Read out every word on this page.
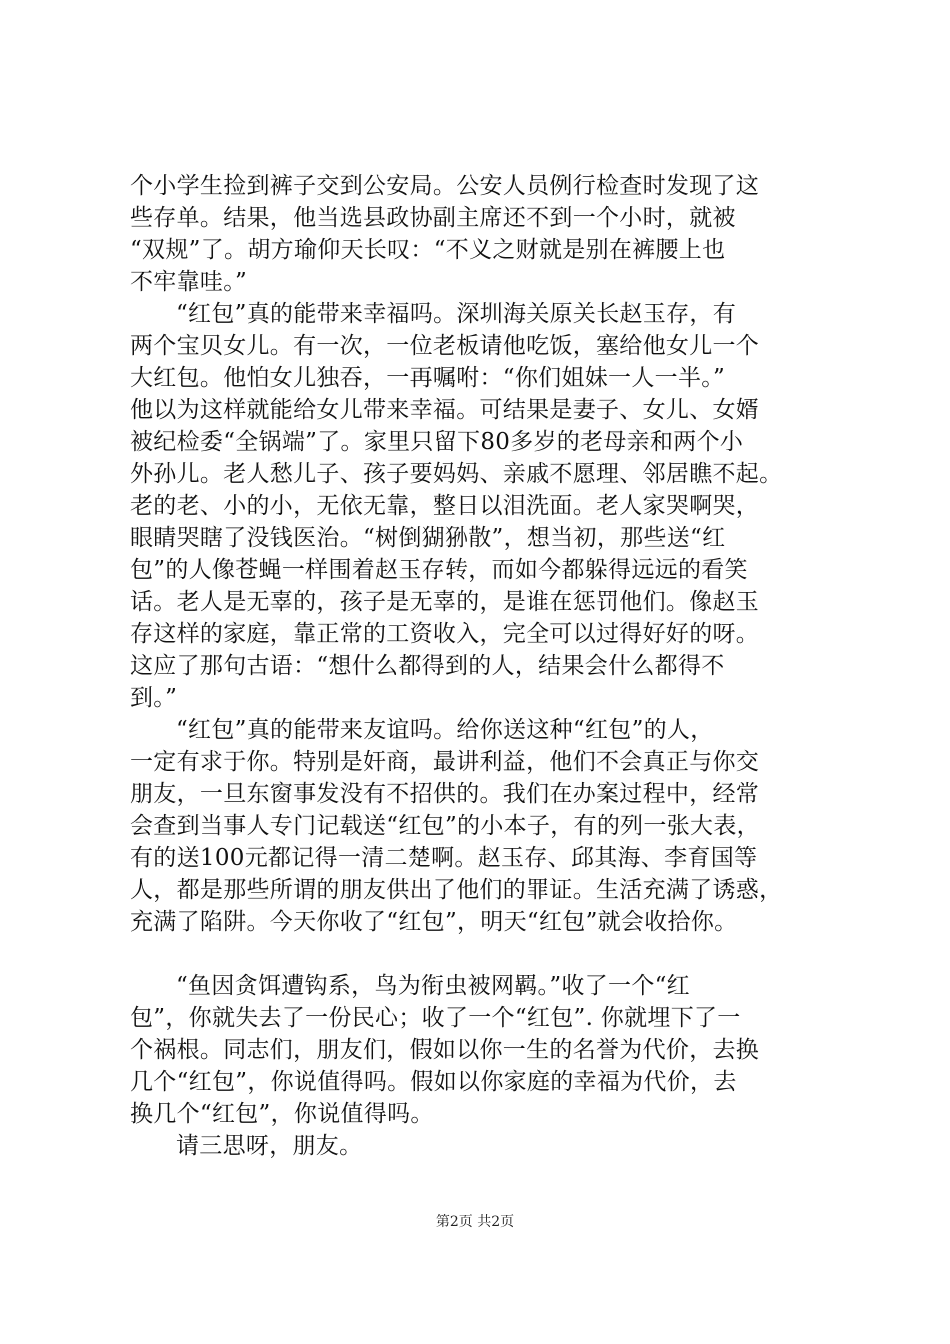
个小学生捡到裤子交到公安局。公安人员例行检查时发现了这
些存单。结果，他当选县政协副主席还不到一个小时，就被
“双规”了。胡方瑜仰天长叹：“不义之财就是别在裤腰上也
不牢靠哇。”
“红包”真的能带来幸福吗。深圳海关原关长赵玉存，有
两个宝贝女儿。有一次，一位老板请他吃饭，塞给他女儿一个
大红包。他怕女儿独吞，一再嘱咐：“你们姐妹一人一半。”
他以为这样就能给女儿带来幸福。可结果是妻子、女儿、女婿
被纪检委“全锅端”了。家里只留下80多岁的老母亲和两个小
外孙儿。老人愁儿子、孩子要妈妈、亲戚不愿理、邻居瞧不起。
老的老、小的小，无依无靠，整日以泪洗面。老人家哭啊哭，
眼睛哭瞎了没钱医治。“树倒猢狲散”，想当初，那些送“红
包”的人像苍蝇一样围着赵玉存转，而如今都躲得远远的看笑
话。老人是无辜的，孩子是无辜的，是谁在惩罚他们。像赵玉
存这样的家庭，靠正常的工资收入，完全可以过得好好的呀。
这应了那句古语：“想什么都得到的人，结果会什么都得不
到。”
“红包”真的能带来友谊吗。给你送这种“红包”的人，
一定有求于你。特别是奸商，最讲利益，他们不会真正与你交
朋友，一旦东窗事发没有不招供的。我们在办案过程中，经常
会查到当事人专门记载送“红包”的小本子，有的列一张大表，
有的送100元都记得一清二楚啊。赵玉存、邱其海、李育国等
人，都是那些所谓的朋友供出了他们的罪证。生活充满了诱惑，
充满了陷阱。今天你收了“红包”，明天“红包”就会收拾你。
“鱼因贪饵遭钩系，鸟为衔虫被网羁。”收了一个“红
包”，你就失去了一份民心；收了一个“红包”. 你就埋下了一
个祸根。同志们，朋友们，假如以你一生的名誉为代价，去换
几个“红包”，你说值得吗。假如以你家庭的幸福为代价，去
换几个“红包”，你说值得吗。
请三思呀，朋友。
第2页 共2页
